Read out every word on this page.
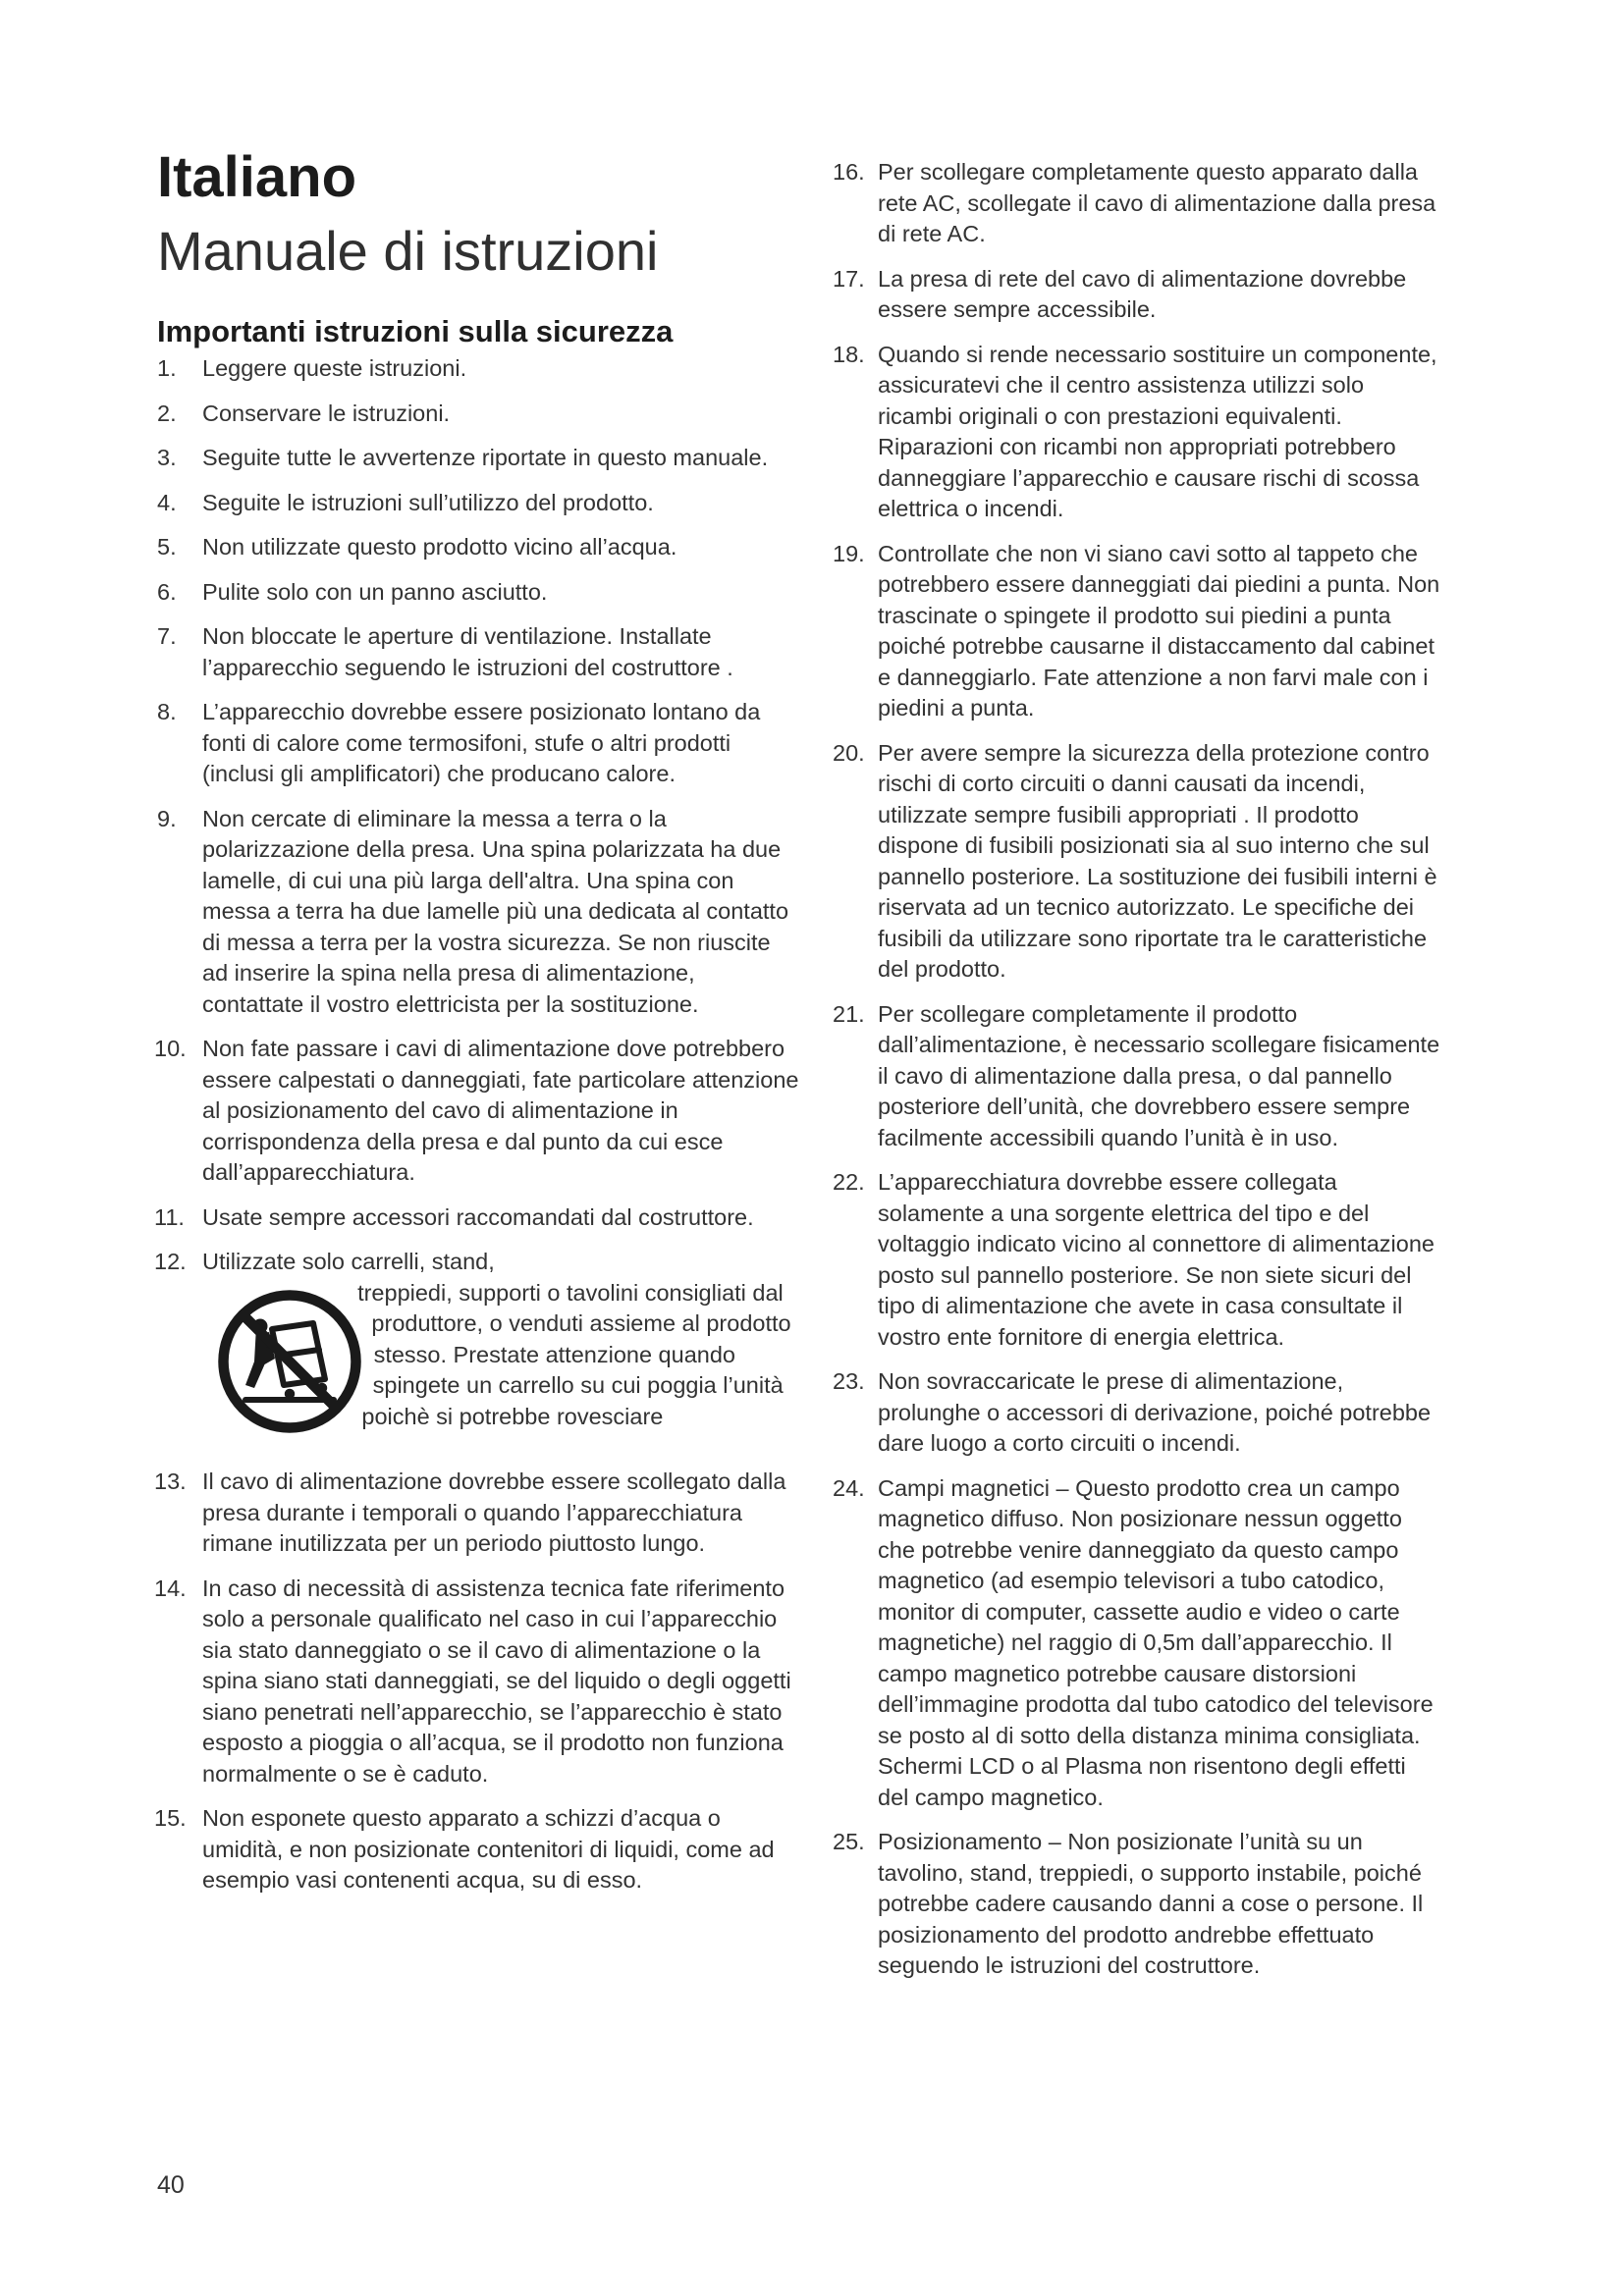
Italiano
Manuale di istruzioni
Importanti istruzioni sulla sicurezza
1. Leggere queste istruzioni.
2. Conservare le istruzioni.
3. Seguite tutte le avvertenze riportate in questo manuale.
4. Seguite le istruzioni sull’utilizzo del prodotto.
5. Non utilizzate questo prodotto vicino all’acqua.
6. Pulite solo con un panno asciutto.
7. Non bloccate le aperture di ventilazione. Installate l’apparecchio seguendo le istruzioni del costruttore .
8. L’apparecchio dovrebbe essere posizionato lontano da fonti di calore come termosifoni, stufe o altri prodotti (inclusi gli amplificatori) che producano calore.
9. Non cercate di eliminare la messa a terra o la polarizzazione della presa. Una spina polarizzata ha due lamelle, di cui una più larga dell'altra. Una spina con messa a terra ha due lamelle più una dedicata al contatto di messa a terra per la vostra sicurezza. Se non riuscite ad inserire la spina nella presa di alimentazione, contattate il vostro elettricista per la sostituzione.
10. Non fate passare i cavi di alimentazione dove potrebbero essere calpestati o danneggiati, fate particolare attenzione al posizionamento del cavo di alimentazione in corrispondenza della presa e dal punto da cui esce dall’apparecchiatura.
11. Usate sempre accessori raccomandati dal costruttore.
12. Utilizzate solo carrelli, stand,

treppiedi, supporti o tavolini consigliati dal produttore, o venduti assieme al prodotto stesso. Prestate attenzione quando spingete un carrello su cui poggia l’unità poichè si potrebbe rovesciare
13. Il cavo di alimentazione dovrebbe essere scollegato dalla presa durante i temporali o quando l’apparecchiatura rimane inutilizzata per un periodo piuttosto lungo.
14. In caso di necessità di assistenza tecnica fate riferimento solo a personale qualificato nel caso in cui l’apparecchio sia stato danneggiato o se il cavo di alimentazione o la spina siano stati danneggiati, se del liquido o degli oggetti siano penetrati nell’apparecchio, se l’apparecchio è stato esposto a pioggia o all’acqua, se il prodotto non funziona normalmente o se è caduto.
15. Non esponete questo apparato a schizzi d’acqua o umidità, e non posizionate contenitori di liquidi, come ad esempio vasi contenenti acqua, su di esso.
16. Per scollegare completamente questo apparato dalla rete AC, scollegate il cavo di alimentazione dalla presa di rete AC.
17. La presa di rete del cavo di alimentazione dovrebbe essere sempre accessibile.
18. Quando si rende necessario sostituire un componente, assicuratevi che il centro assistenza utilizzi solo ricambi originali o con prestazioni equivalenti. Riparazioni con ricambi non appropriati potrebbero danneggiare l’apparecchio e causare rischi di scossa elettrica o incendi.
19. Controllate che non vi siano cavi sotto al tappeto che potrebbero essere danneggiati dai piedini a punta. Non trascinate o spingete il prodotto sui piedini a punta poiché potrebbe causarne il distaccamento dal cabinet e danneggiarlo. Fate attenzione a non farvi male con i piedini a punta.
20. Per avere sempre la sicurezza della protezione contro rischi di corto circuiti o danni causati da incendi, utilizzate sempre fusibili appropriati . Il prodotto dispone di fusibili posizionati sia al suo interno che sul pannello posteriore. La sostituzione dei fusibili interni è riservata ad un tecnico autorizzato. Le specifiche dei fusibili da utilizzare sono riportate tra le caratteristiche del prodotto.
21. Per scollegare completamente il prodotto dall’alimentazione, è necessario scollegare fisicamente il cavo di alimentazione dalla presa, o dal pannello posteriore dell’unità, che dovrebbero essere sempre facilmente accessibili quando l’unità è in uso.
22. L’apparecchiatura dovrebbe essere collegata solamente a una sorgente elettrica del tipo e del voltaggio indicato vicino al connettore di alimentazione posto sul pannello posteriore. Se non siete sicuri del tipo di alimentazione che avete in casa consultate il vostro ente fornitore di energia elettrica.
23. Non sovraccaricate le prese di alimentazione, prolunghe o accessori di derivazione, poiché potrebbe dare luogo a corto circuiti o incendi.
24. Campi magnetici – Questo prodotto crea un campo magnetico diffuso. Non posizionare nessun oggetto che potrebbe venire danneggiato da questo campo magnetico (ad esempio televisori a tubo catodico, monitor di computer, cassette audio e video o carte magnetiche) nel raggio di 0,5m dall’apparecchio. Il campo magnetico potrebbe causare distorsioni dell’immagine prodotta dal tubo catodico del televisore se posto al di sotto della distanza minima consigliata. Schermi LCD o al Plasma non risentono degli effetti del campo magnetico.
25. Posizionamento – Non posizionate l’unità su un tavolino, stand, treppiedi, o supporto instabile, poiché potrebbe cadere causando danni a cose o persone. Il posizionamento del prodotto andrebbe effettuato seguendo le istruzioni del costruttore.
40
